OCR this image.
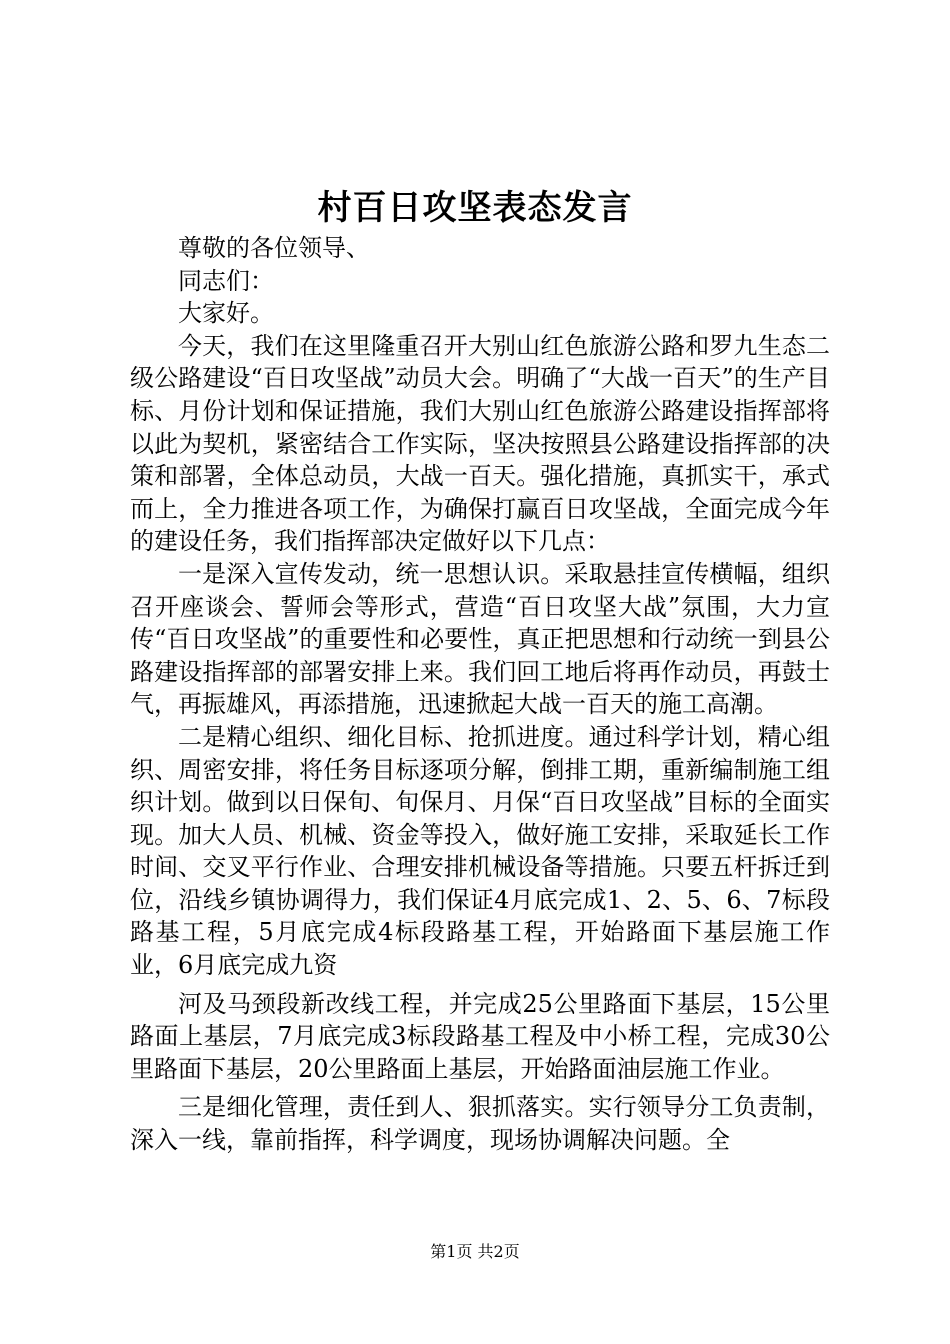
村百日攻坚表态发言

尊敬的各位领导、

同志们：

大家好。

今天，我们在这里隆重召开大别山红色旅游公路和罗九生态二级公路建设“百日攻坚战”动员大会。明确了“大战一百天”的生产目标、月份计划和保证措施，我们大别山红色旅游公路建设指挥部将以此为契机，紧密结合工作实际，坚决按照县公路建设指挥部的决策和部署，全体总动员，大战一百天。强化措施，真抓实干，承式而上，全力推进各项工作，为确保打赢百日攻坚战，全面完成今年的建设任务，我们指挥部决定做好以下几点：

一是深入宣传发动，统一思想认识。采取悬挂宣传横幅，组织召开座谈会、誓师会等形式，营造“百日攻坚大战”氛围，大力宣传“百日攻坚战”的重要性和必要性，真正把思想和行动统一到县公路建设指挥部的部署安排上来。我们回工地后将再作动员，再鼓士气，再振雄风，再添措施，迅速掀起大战一百天的施工高潮。

二是精心组织、细化目标、抢抓进度。通过科学计划，精心组织、周密安排，将任务目标逐项分解，倒排工期，重新编制施工组织计划。做到以日保旬、旬保月、月保“百日攻坚战”目标的全面实现。加大人员、机械、资金等投入，做好施工安排，采取延长工作时间、交叉平行作业、合理安排机械设备等措施。只要五杆拆迁到位，沿线乡镇协调得力，我们保证4月底完成1、2、5、6、7标段路基工程，5月底完成4标段路基工程，开始路面下基层施工作业，6月底完成九资

河及马颈段新改线工程，并完成25公里路面下基层，15公里路面上基层，7月底完成3标段路基工程及中小桥工程，完成30公里路面下基层，20公里路面上基层，开始路面油层施工作业。

三是细化管理，责任到人、狠抓落实。实行领导分工负责制，深入一线，靠前指挥，科学调度，现场协调解决问题。全

第1页 共2页
